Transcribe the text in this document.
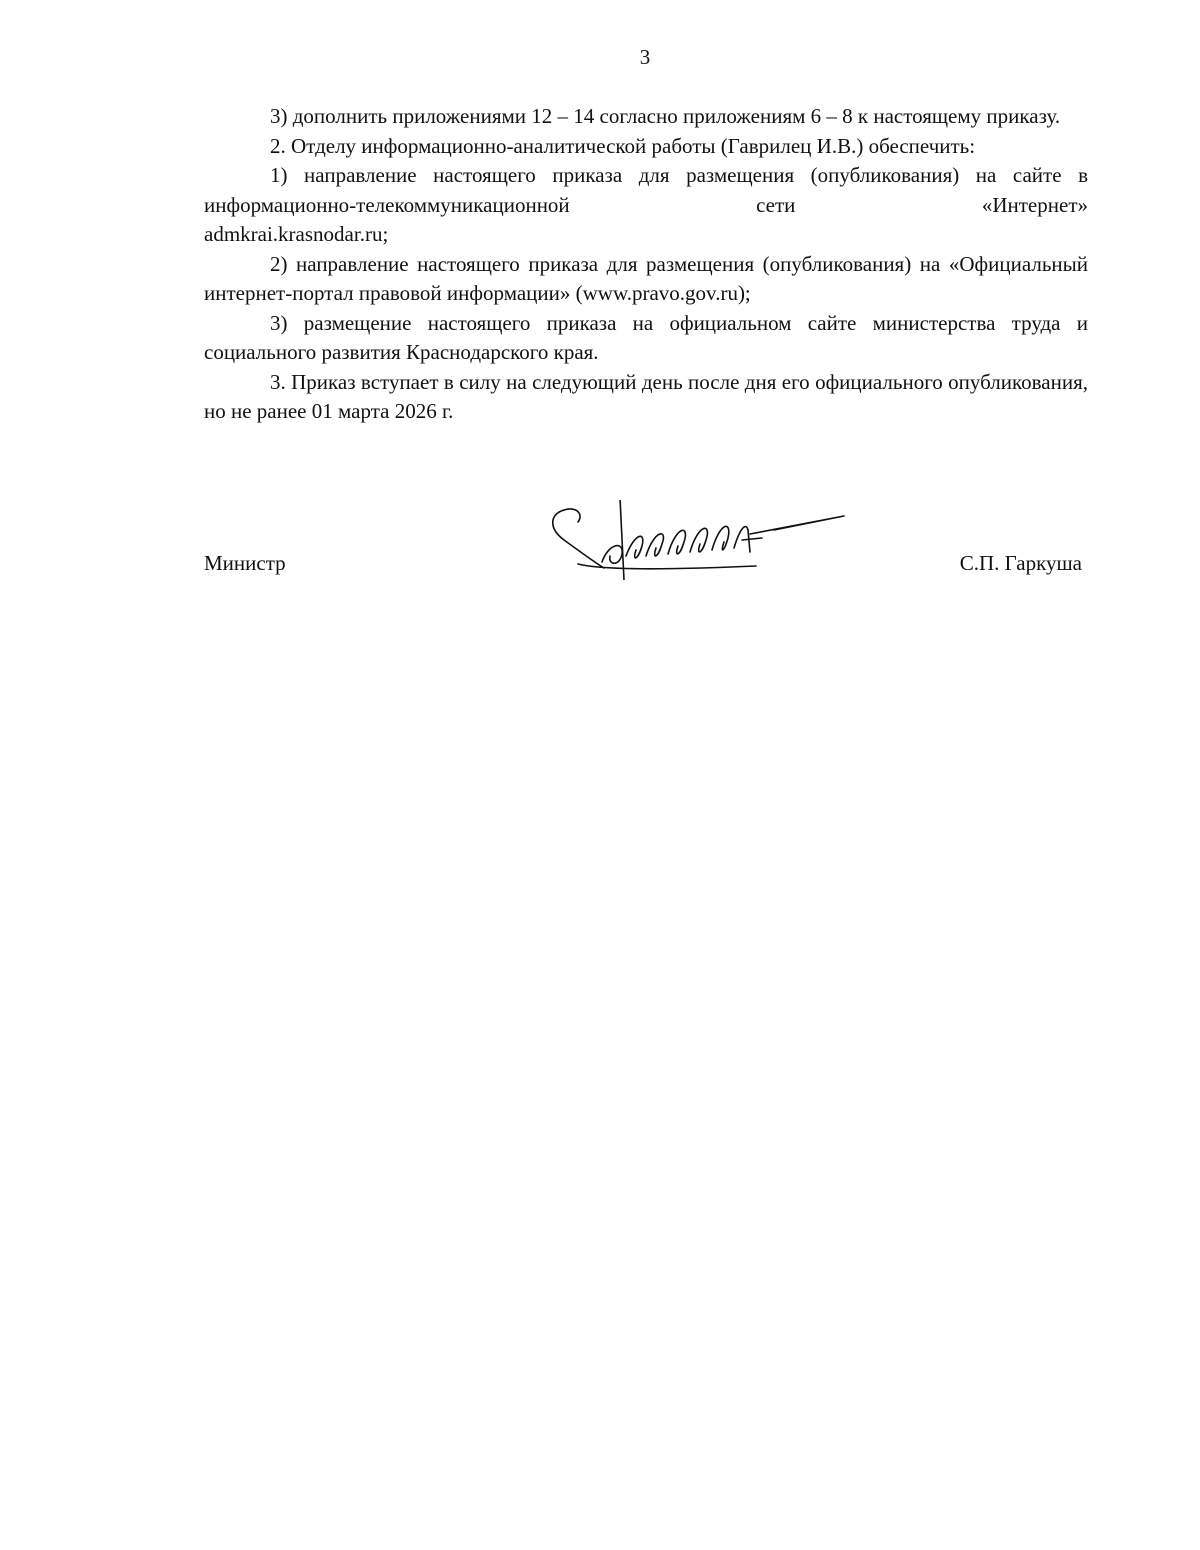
3

3) дополнить приложениями 12 – 14 согласно приложениям 6 – 8 к настоящему приказу.

2. Отделу информационно-аналитической работы (Гаврилец И.В.) обеспечить:

1) направление настоящего приказа для размещения (опубликования) на сайте в информационно-телекоммуникационной сети «Интернет»

admkrai.krasnodar.ru;

2) направление настоящего приказа для размещения (опубликования) на «Официальный интернет-портал правовой информации» (www.pravo.gov.ru);

3) размещение настоящего приказа на официальном сайте министерства труда и социального развития Краснодарского края.

3. Приказ вступает в силу на следующий день после дня его официального опубликования, но не ранее 01 марта 2026 г.

Министр	С.П. Гаркуша
